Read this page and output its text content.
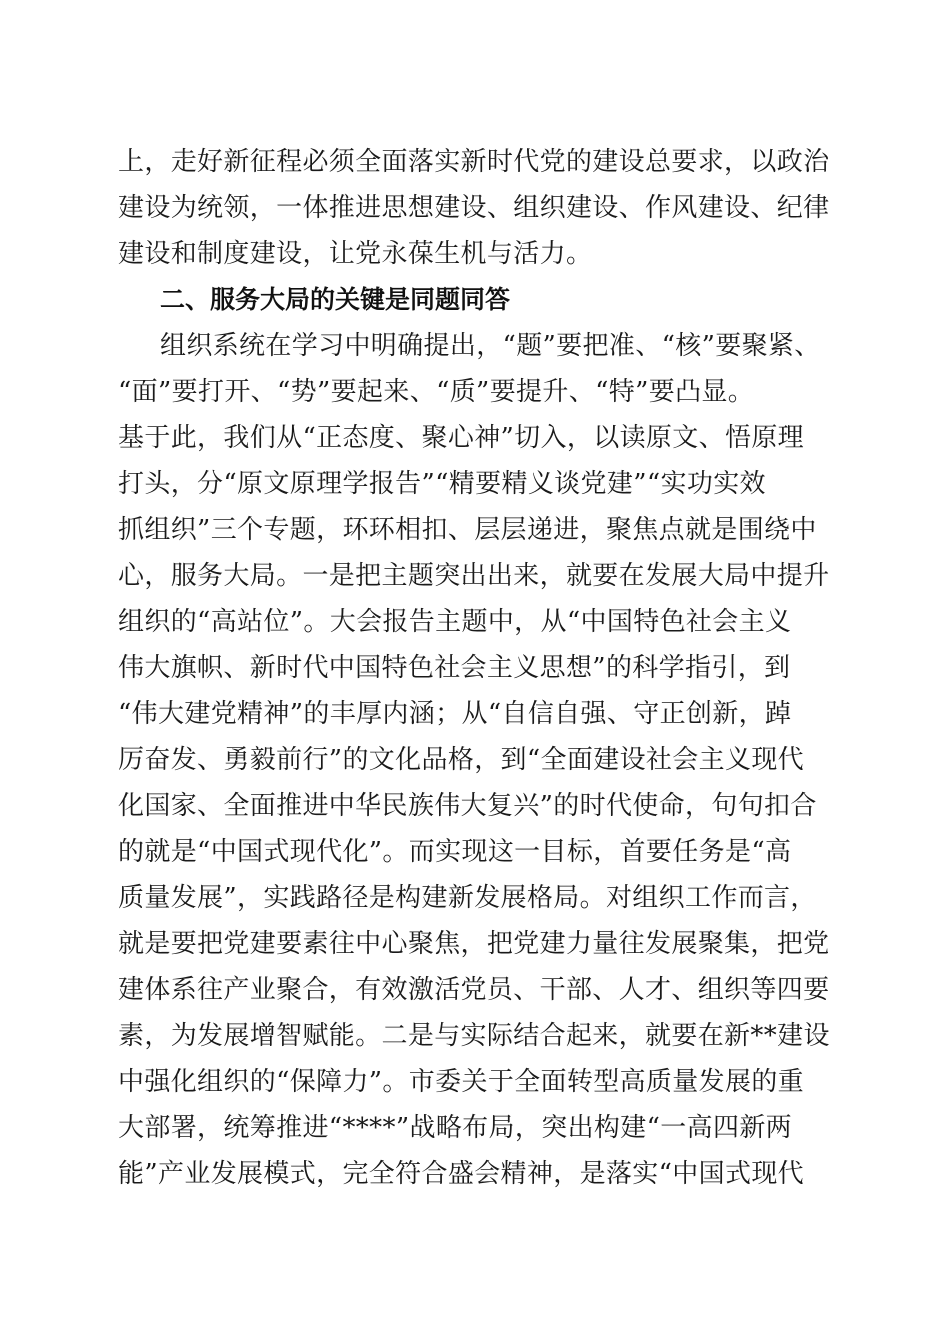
上，走好新征程必须全面落实新时代党的建设总要求，以政治
建设为统领，一体推进思想建设、组织建设、作风建设、纪律
建设和制度建设，让党永葆生机与活力。
二、服务大局的关键是同题同答
组织系统在学习中明确提出，“题”要把准、“核”要聚紧、
“面”要打开、“势”要起来、“质”要提升、“特”要凸显。
基于此，我们从“正态度、聚心神”切入，以读原文、悟原理
打头，分“原文原理学报告”“精要精义谈党建”“实功实效
抓组织”三个专题，环环相扣、层层递进，聚焦点就是围绕中
心，服务大局。一是把主题突出出来，就要在发展大局中提升
组织的“高站位”。大会报告主题中，从“中国特色社会主义
伟大旗帜、新时代中国特色社会主义思想”的科学指引，到
“伟大建党精神”的丰厚内涵；从“自信自强、守正创新，踔
厉奋发、勇毅前行”的文化品格，到“全面建设社会主义现代
化国家、全面推进中华民族伟大复兴”的时代使命，句句扣合
的就是“中国式现代化”。而实现这一目标，首要任务是“高
质量发展”，实践路径是构建新发展格局。对组织工作而言，
就是要把党建要素往中心聚焦，把党建力量往发展聚集，把党
建体系往产业聚合，有效激活党员、干部、人才、组织等四要
素，为发展增智赋能。二是与实际结合起来，就要在新**建设
中强化组织的“保障力”。市委关于全面转型高质量发展的重
大部署，统筹推进“****”战略布局，突出构建“一高四新两
能”产业发展模式，完全符合盛会精神，是落实“中国式现代
